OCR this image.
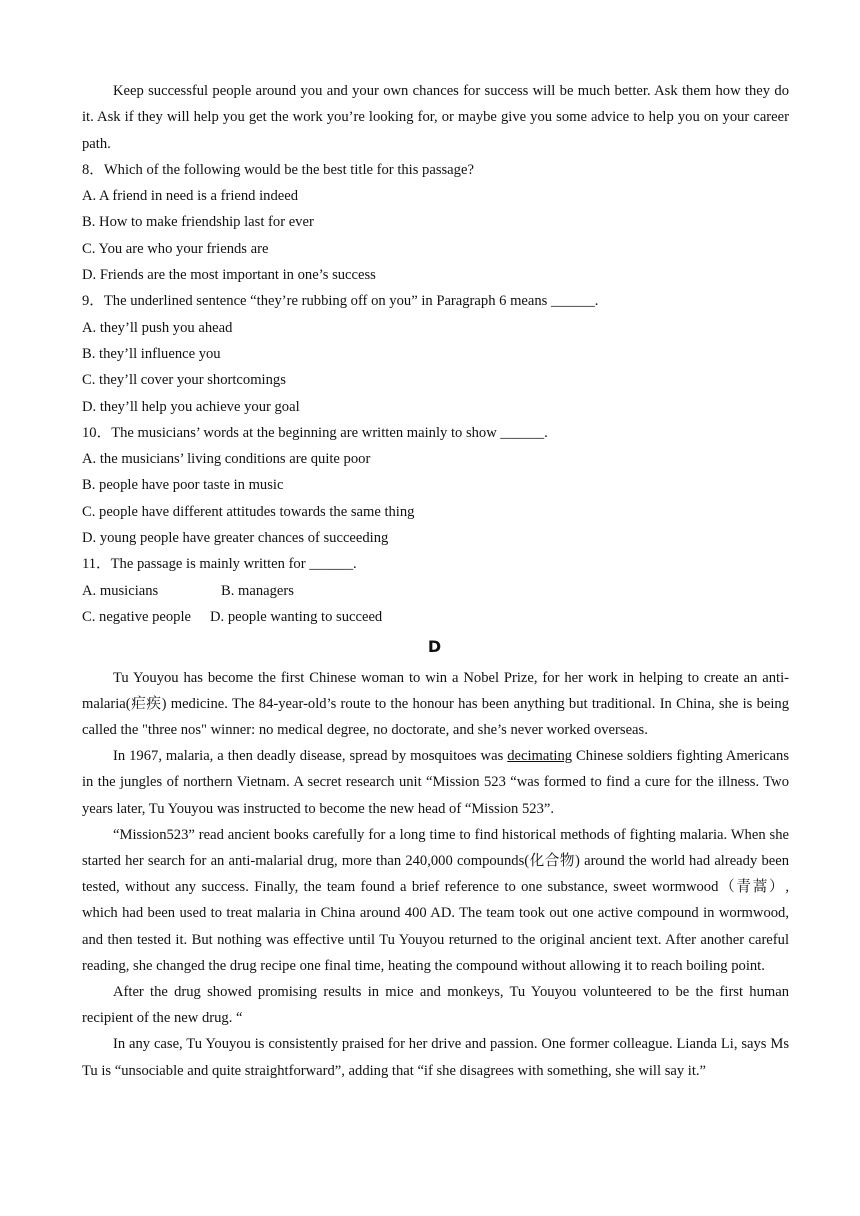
Keep successful people around you and your own chances for success will be much better. Ask them how they do it. Ask if they will help you get the work you’re looking for, or maybe give you some advice to help you on your career path.

8．Which of the following would be the best title for this passage?

A. A friend in need is a friend indeed

B. How to make friendship last for ever

C. You are who your friends are

D. Friends are the most important in one’s success

9．The underlined sentence “they’re rubbing off on you” in Paragraph 6 means ______.

A. they’ll push you ahead

B. they’ll influence you

C. they’ll cover your shortcomings

D. they’ll help you achieve your goal

10．The musicians’ words at the beginning are written mainly to show ______.

A. the musicians’ living conditions are quite poor

B. people have poor taste in music

C. people have different attitudes towards the same thing

D. young people have greater chances of succeeding

11．The passage is mainly written for ______.

A. musicians	B. managers

C. negative people D. people wanting to succeed

D

Tu Youyou has become the first Chinese woman to win a Nobel Prize, for her work in helping to create an anti-malaria(疟疾) medicine. The 84-year-old’s route to the honour has been anything but traditional. In China, she is being called the "three nos" winner: no medical degree, no doctorate, and she’s never worked overseas.

In 1967, malaria, a then deadly disease, spread by mosquitoes was decimating Chinese soldiers fighting Americans in the jungles of northern Vietnam. A secret research unit “Mission 523 “was formed to find a cure for the illness. Two years later, Tu Youyou was instructed to become the new head of “Mission 523”.

“Mission523” read ancient books carefully for a long time to find historical methods of fighting malaria. When she started her search for an anti-malarial drug, more than 240,000 compounds(化合物) around the world had already been tested, without any success. Finally, the team found a brief reference to one substance, sweet wormwood（青蒿）, which had been used to treat malaria in China around 400 AD. The team took out one active compound in wormwood, and then tested it. But nothing was effective until Tu Youyou returned to the original ancient text. After another careful reading, she changed the drug recipe one final time, heating the compound without allowing it to reach boiling point.

After the drug showed promising results in mice and monkeys, Tu Youyou volunteered to be the first human recipient of the new drug. “

In any case, Tu Youyou is consistently praised for her drive and passion. One former colleague. Lianda Li, says Ms Tu is “unsociable and quite straightforward”, adding that “if she disagrees with something, she will say it.”
